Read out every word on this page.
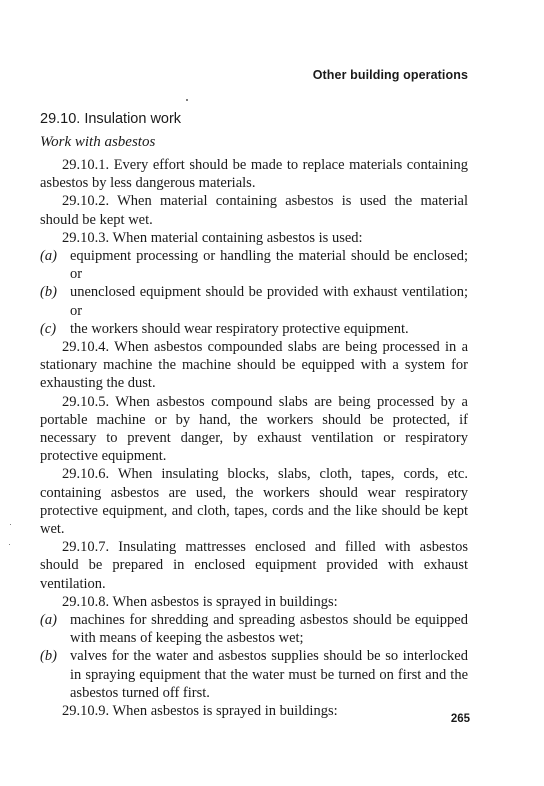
Other building operations
29.10. Insulation work
Work with asbestos

29.10.1. Every effort should be made to replace materials containing asbestos by less dangerous materials.

29.10.2. When material containing asbestos is used the material should be kept wet.

29.10.3. When material containing asbestos is used:

(a) equipment processing or handling the material should be enclosed; or
(b) unenclosed equipment should be provided with exhaust ventilation; or
(c) the workers should wear respiratory protective equipment.

29.10.4. When asbestos compounded slabs are being processed in a stationary machine the machine should be equipped with a system for exhausting the dust.

29.10.5. When asbestos compound slabs are being processed by a portable machine or by hand, the workers should be protected, if necessary to prevent danger, by exhaust ventilation or respiratory protective equipment.

29.10.6. When insulating blocks, slabs, cloth, tapes, cords, etc. containing asbestos are used, the workers should wear respiratory protective equipment, and cloth, tapes, cords and the like should be kept wet.

29.10.7. Insulating mattresses enclosed and filled with asbestos should be prepared in enclosed equipment provided with exhaust ventilation.

29.10.8. When asbestos is sprayed in buildings:

(a) machines for shredding and spreading asbestos should be equipped with means of keeping the asbestos wet;
(b) valves for the water and asbestos supplies should be so interlocked in spraying equipment that the water must be turned on first and the asbestos turned off first.

29.10.9. When asbestos is sprayed in buildings:	265
